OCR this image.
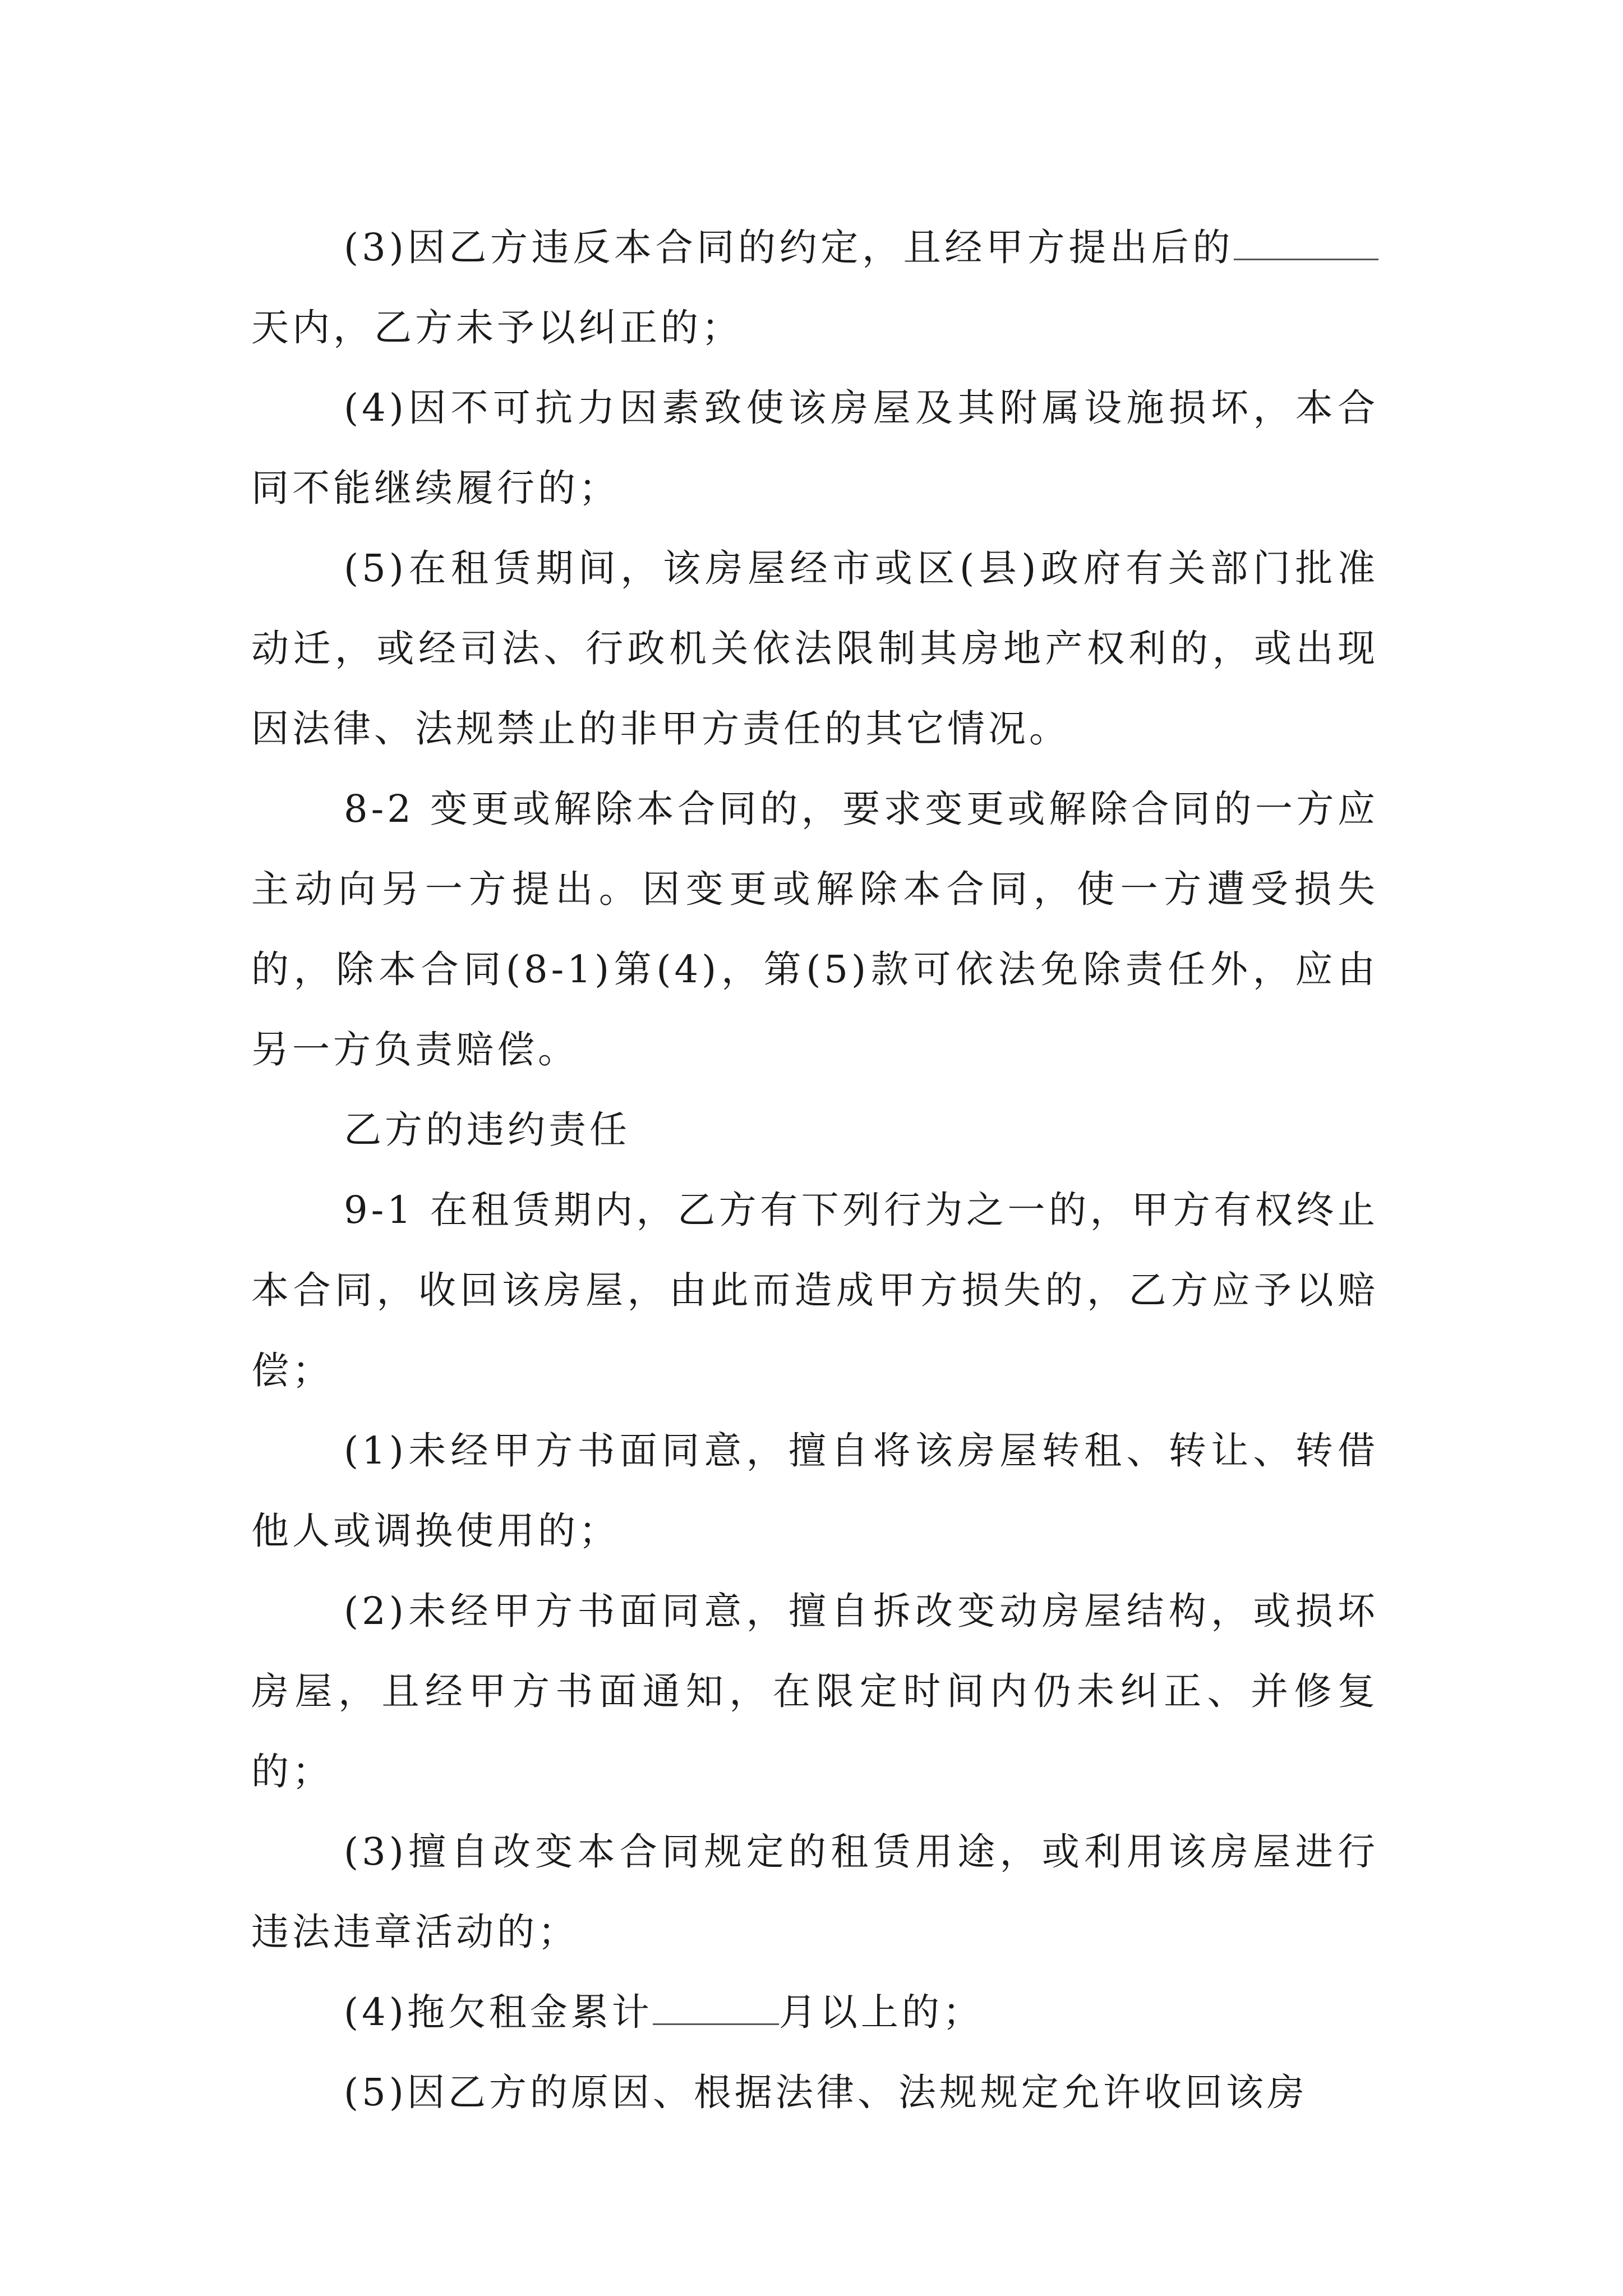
(3)因乙方违反本合同的约定，且经甲方提出后的天内，乙方未予以纠正的；

(4)因不可抗力因素致使该房屋及其附属设施损坏，本合同不能继续履行的；

(5)在租赁期间，该房屋经市或区(县)政府有关部门批准动迁，或经司法、行政机关依法限制其房地产权利的，或出现因法律、法规禁止的非甲方责任的其它情况。

8-2 变更或解除本合同的，要求变更或解除合同的一方应主动向另一方提出。因变更或解除本合同，使一方遭受损失的，除本合同(8-1)第(4)，第(5)款可依法免除责任外，应由另一方负责赔偿。

乙方的违约责任

9-1 在租赁期内，乙方有下列行为之一的，甲方有权终止本合同，收回该房屋，由此而造成甲方损失的，乙方应予以赔偿；

(1)未经甲方书面同意，擅自将该房屋转租、转让、转借他人或调换使用的；

(2)未经甲方书面同意，擅自拆改变动房屋结构，或损坏房屋，且经甲方书面通知，在限定时间内仍未纠正、并修复的；

(3)擅自改变本合同规定的租赁用途，或利用该房屋进行违法违章活动的；

(4)拖欠租金累计	月以上的；

(5)因乙方的原因、根据法律、法规规定允许收回该房
